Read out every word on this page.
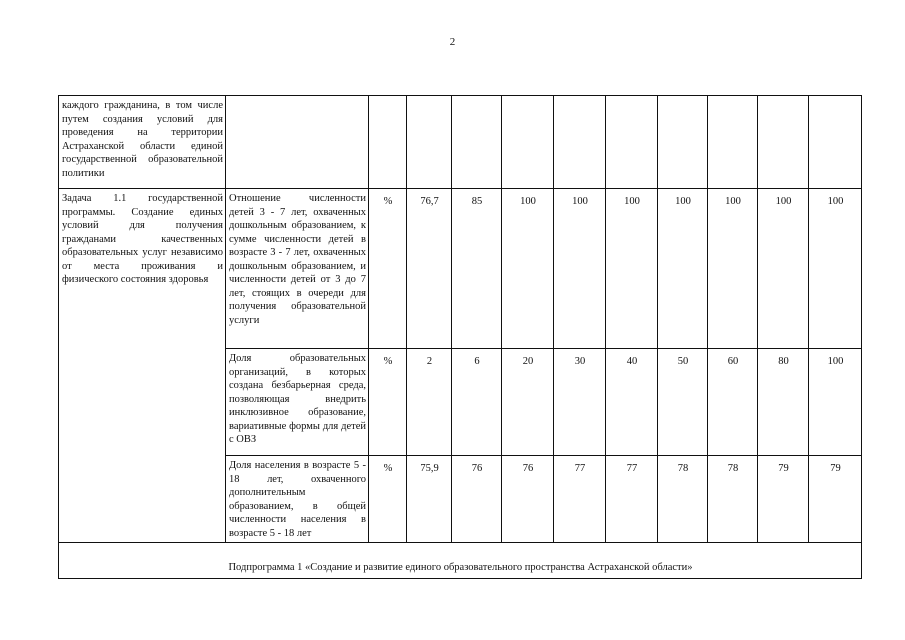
2
каждого гражданина, в том числе путем создания условий для проведения на территории Астраханской области единой государственной образовательной политики											
Задача 1.1 государственной программы. Создание единых условий для получения гражданами качественных образовательных услуг независимо от места проживания и физического состояния здоровья	Отношение численности детей 3 - 7 лет, охваченных дошкольным образованием, к сумме численности детей в возрасте 3 - 7 лет, охваченных дошкольным образованием, и численности детей от 3 до 7 лет, стоящих в очереди для получения образовательной услуги	%	76,7	85	100	100	100	100	100	100	100
	Доля образовательных организаций, в которых создана безбарьерная среда, позволяющая внедрить инклюзивное образование, вариативные формы для детей с ОВЗ	%	2	6	20	30	40	50	60	80	100
	Доля населения в возрасте 5 - 18 лет, охваченного дополнительным образованием, в общей численности населения в возрасте 5 - 18 лет	%	75,9	76	76	77	77	78	78	79	79
Подпрограмма 1 «Создание и развитие единого образовательного пространства Астраханской области»											
